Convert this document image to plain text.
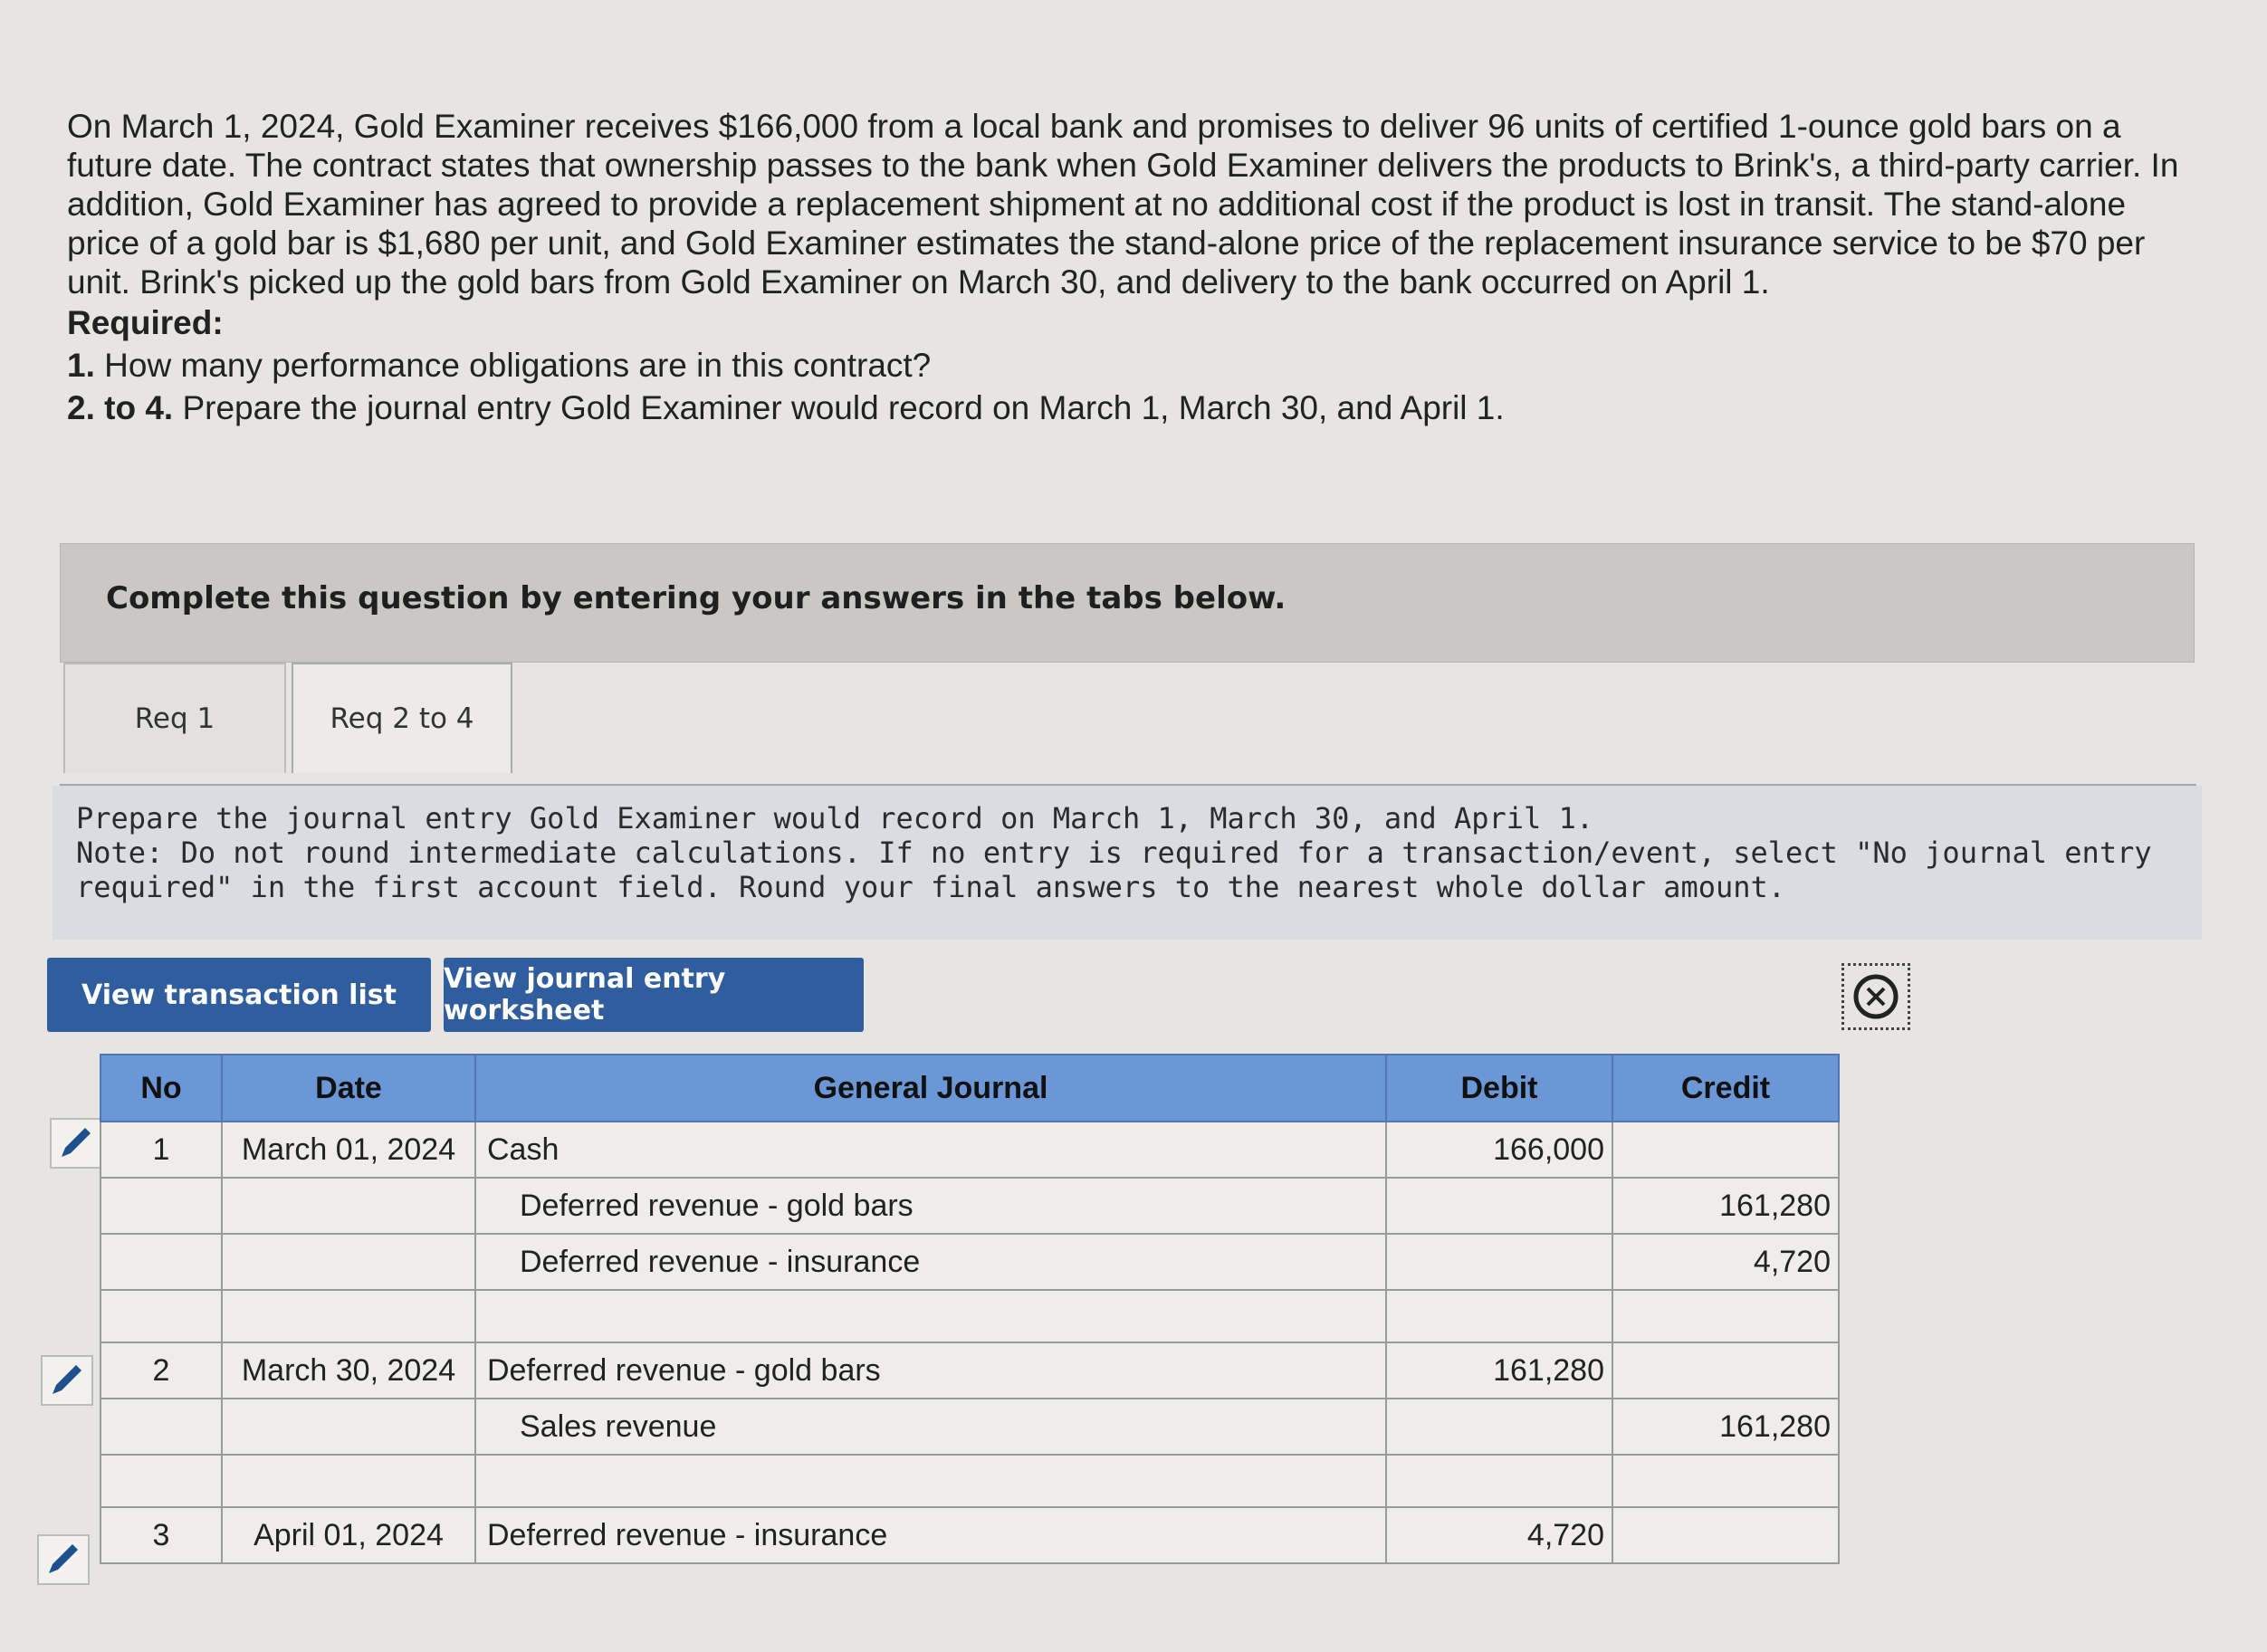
On March 1, 2024, Gold Examiner receives $166,000 from a local bank and promises to deliver 96 units of certified 1-ounce gold bars on a future date. The contract states that ownership passes to the bank when Gold Examiner delivers the products to Brink's, a third-party carrier. In addition, Gold Examiner has agreed to provide a replacement shipment at no additional cost if the product is lost in transit. The stand-alone price of a gold bar is $1,680 per unit, and Gold Examiner estimates the stand-alone price of the replacement insurance service to be $70 per unit. Brink's picked up the gold bars from Gold Examiner on March 30, and delivery to the bank occurred on April 1.

Required:

1. How many performance obligations are in this contract?

2. to 4. Prepare the journal entry Gold Examiner would record on March 1, March 30, and April 1.

Complete this question by entering your answers in the tabs below.
Req 1	Req 2 to 4

Prepare the journal entry Gold Examiner would record on March 1, March 30, and April 1.

Note: Do not round intermediate calculations. If no entry is required for a transaction/event, select "No journal entry required" in the first account field. Round your final answers to the nearest whole dollar amount.

View transaction list	View journal entry worksheet
No	Date	General Journal	Debit	Credit
1	March 01, 2024	Cash	166,000	
		Deferred revenue - gold bars		161,280
		Deferred revenue - insurance		4,720

2	March 30, 2024	Deferred revenue - gold bars	161,280	
		Sales revenue		161,280

3	April 01, 2024	Deferred revenue - insurance	4,720	
